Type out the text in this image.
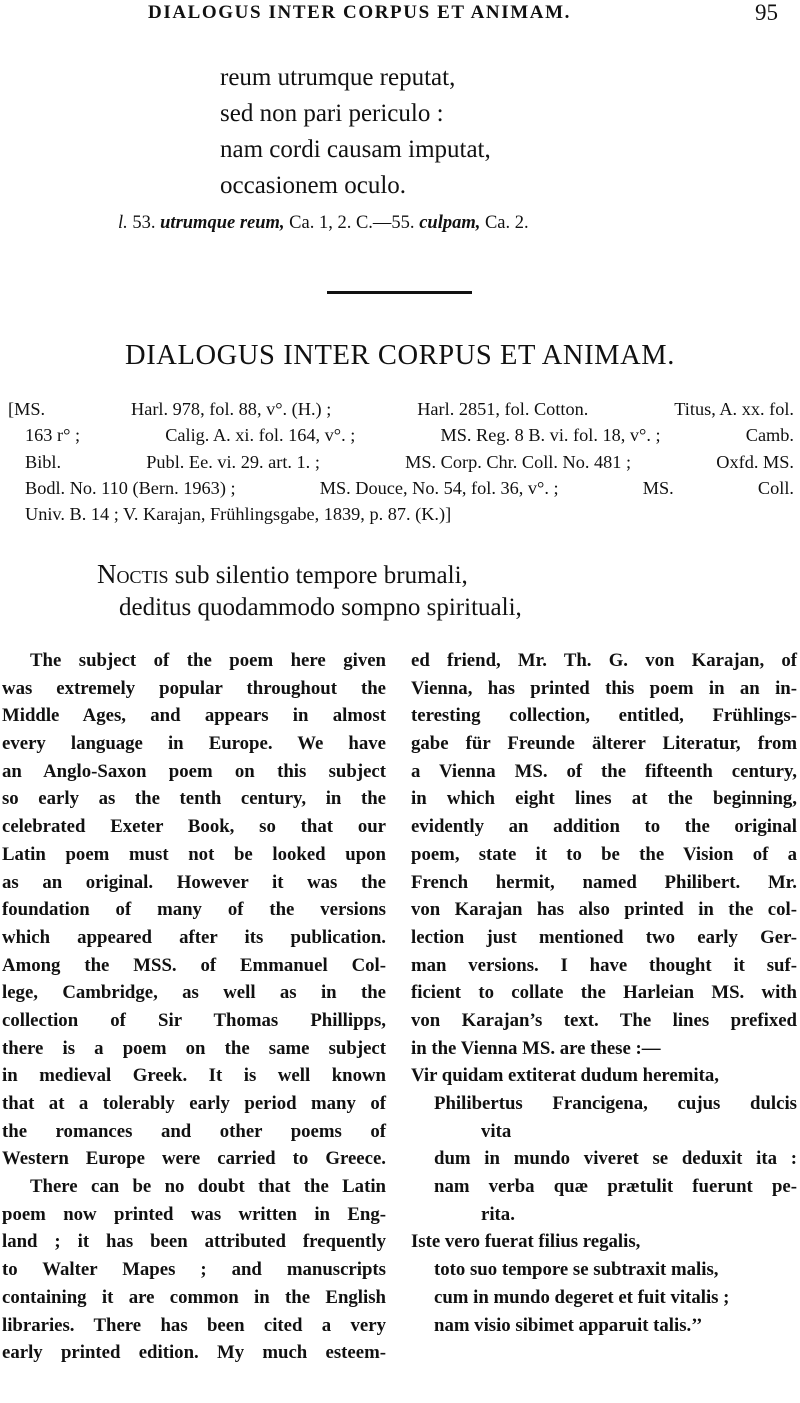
DIALOGUS INTER CORPUS ET ANIMAM.	95
reum utrumque reputat,
sed non pari periculo :
nam cordi causam imputat,
occasionem oculo.
l. 53. utrumque reum, Ca. 1, 2. C.—55. culpam, Ca. 2.
DIALOGUS INTER CORPUS ET ANIMAM.
[MS.	Harl. 978, fol. 88, v°. (H.) ;	Harl. 2851, fol. Cotton.	Titus, A. xx. fol.
163 r° ;	Calig. A. xi. fol. 164, v°. ;	MS. Reg. 8 B. vi. fol. 18, v°. ;	Camb.
Bibl.	Publ. Ee. vi. 29. art. 1. ;	MS. Corp. Chr. Coll. No. 481 ;	Oxfd. MS.
Bodl. No. 110 (Bern. 1963) ;	MS. Douce, No. 54, fol. 36, v°. ;	MS.	Coll.
Univ. B. 14 ; V. Karajan, Frühlingsgabe, 1839, p. 87. (K.)]
Noctis sub silentio tempore brumali,
deditus quodammodo sompno spirituali,
The subject of the poem here given
was extremely popular throughout the
Middle Ages, and appears in almost
every language in Europe. We have
an Anglo-Saxon poem on this subject
so early as the tenth century, in the
celebrated Exeter Book, so that our
Latin poem must not be looked upon
as an original. However it was the
foundation of many of the versions
which appeared after its publication.
Among the MSS. of Emmanuel Col-
lege, Cambridge, as well as in the
collection of Sir Thomas Phillipps,
there is a poem on the same subject
in medieval Greek. It is well known
that at a tolerably early period many of
the romances and other poems of
Western Europe were carried to Greece.
There can be no doubt that the Latin
poem now printed was written in Eng-
land ; it has been attributed frequently
to Walter Mapes ; and manuscripts
containing it are common in the English
libraries. There has been cited a very
early printed edition. My much esteem-
ed friend, Mr. Th. G. von Karajan, of
Vienna, has printed this poem in an in-
teresting collection, entitled, Frühlings-
gabe für Freunde älterer Literatur, from
a Vienna MS. of the fifteenth century,
in which eight lines at the beginning,
evidently an addition to the original
poem, state it to be the Vision of a
French hermit, named Philibert. Mr.
von Karajan has also printed in the col-
lection just mentioned two early Ger-
man versions. I have thought it suf-
ficient to collate the Harleian MS. with
von Karajan’s text. The lines prefixed
in the Vienna MS. are these :—
Vir quidam extiterat dudum heremita,
Philibertus Francigena, cujus dulcis
vita
dum in mundo viveret se deduxit ita :
nam verba quæ prætulit fuerunt pe-
rita.
Iste vero fuerat filius regalis,
toto suo tempore se subtraxit malis,
cum in mundo degeret et fuit vitalis ;
nam visio sibimet apparuit talis.’’
